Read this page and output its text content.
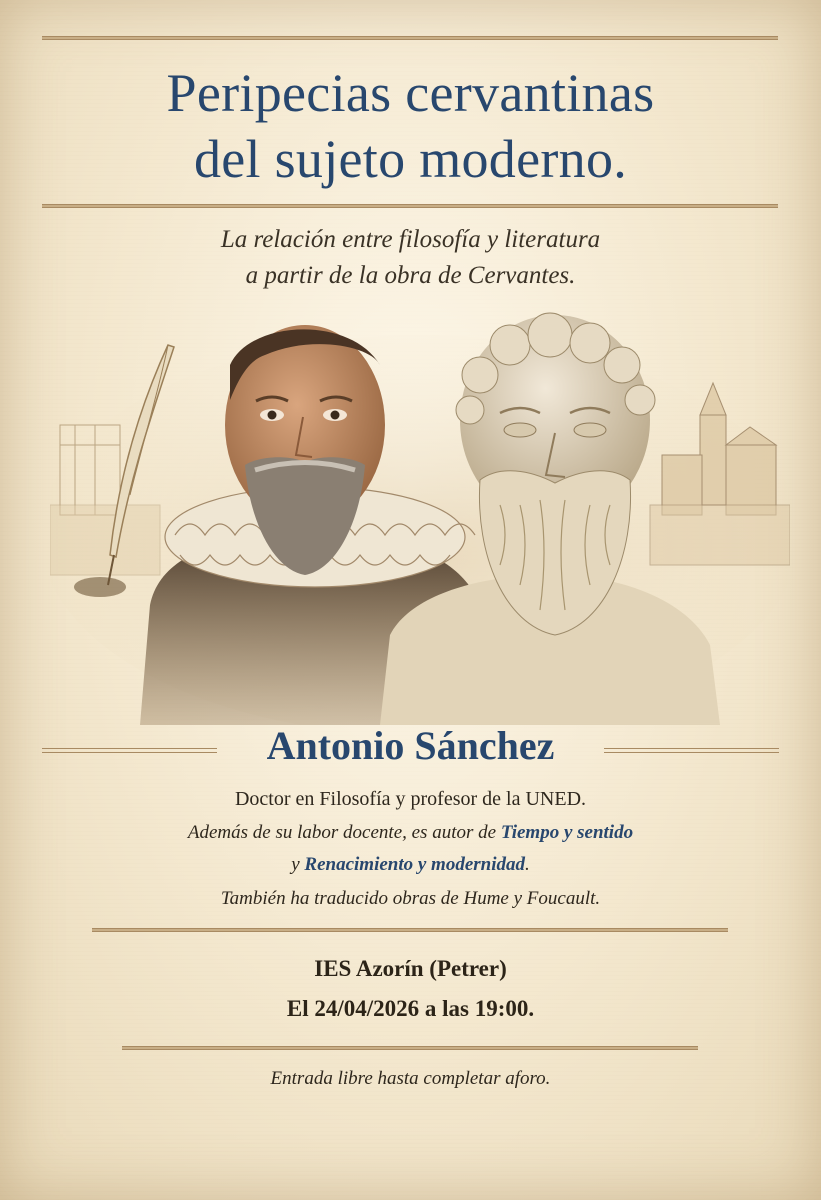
Peripecias cervantinas
del sujeto moderno.

La relación entre filosofía y literatura

a partir de la obra de Cervantes.

Antonio Sánchez

Doctor en Filosofía y profesor de la UNED.

Además de su labor docente, es autor de Tiempo y sentido

y Renacimiento y modernidad.

También ha traducido obras de Hume y Foucault.

IES Azorín (Petrer)

El 24/04/2026 a las 19:00.

Entrada libre hasta completar aforo.
